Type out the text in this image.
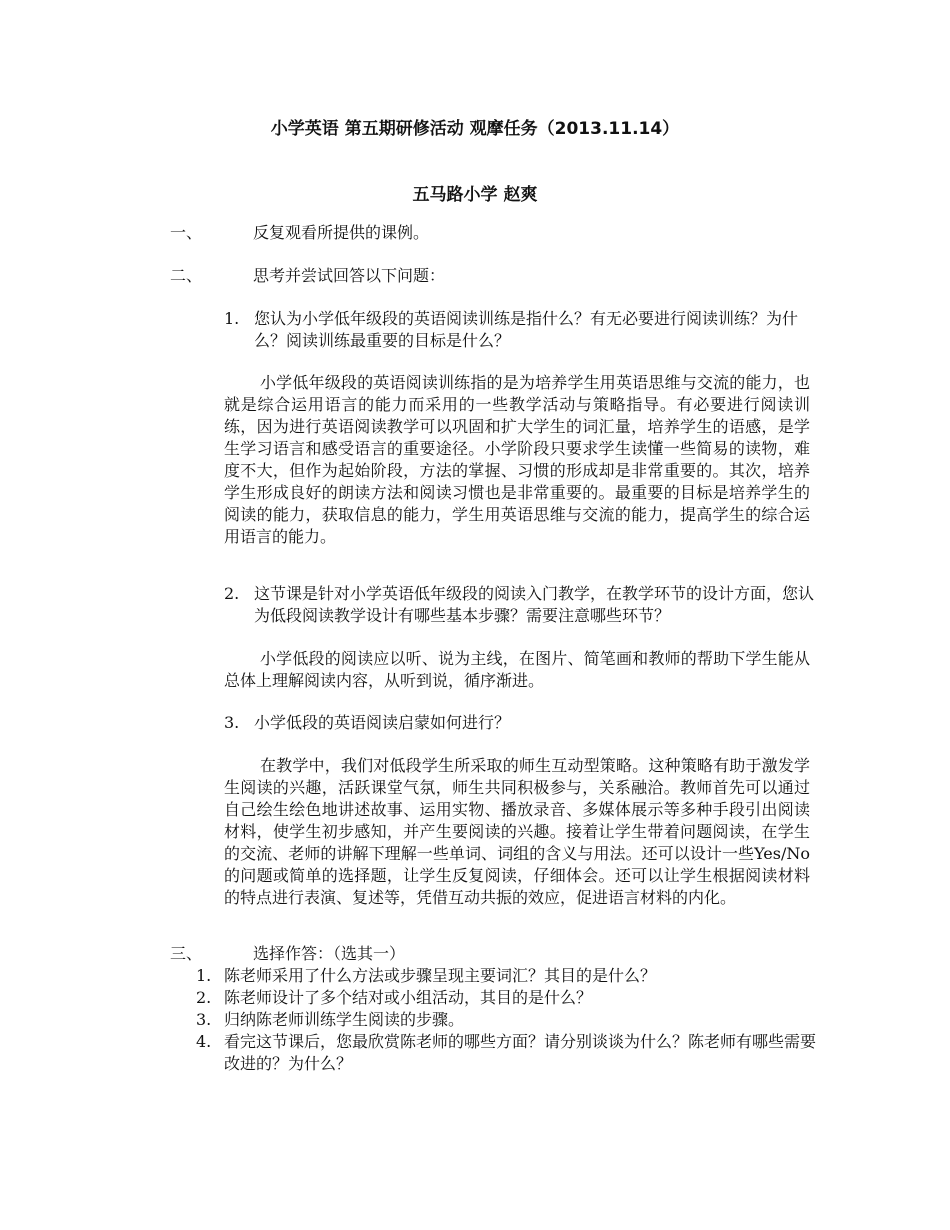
小学英语 第五期研修活动 观摩任务（2013.11.14）
五马路小学 赵爽
一、	反复观看所提供的课例。
二、	思考并尝试回答以下问题：
1. 您认为小学低年级段的英语阅读训练是指什么？有无必要进行阅读训练？为什么？阅读训练最重要的目标是什么？
小学低年级段的英语阅读训练指的是为培养学生用英语思维与交流的能力，也就是综合运用语言的能力而采用的一些教学活动与策略指导。有必要进行阅读训练，因为进行英语阅读教学可以巩固和扩大学生的词汇量，培养学生的语感，是学生学习语言和感受语言的重要途径。小学阶段只要求学生读懂一些简易的读物，难度不大，但作为起始阶段，方法的掌握、习惯的形成却是非常重要的。其次，培养学生形成良好的朗读方法和阅读习惯也是非常重要的。最重要的目标是培养学生的阅读的能力，获取信息的能力，学生用英语思维与交流的能力，提高学生的综合运用语言的能力。
2. 这节课是针对小学英语低年级段的阅读入门教学，在教学环节的设计方面，您认为低段阅读教学设计有哪些基本步骤？需要注意哪些环节？
小学低段的阅读应以听、说为主线，在图片、简笔画和教师的帮助下学生能从总体上理解阅读内容，从听到说，循序渐进。
3. 小学低段的英语阅读启蒙如何进行？
在教学中，我们对低段学生所采取的师生互动型策略。这种策略有助于激发学生阅读的兴趣，活跃课堂气氛，师生共同积极参与，关系融洽。教师首先可以通过自己绘生绘色地讲述故事、运用实物、播放录音、多媒体展示等多种手段引出阅读材料，使学生初步感知，并产生要阅读的兴趣。接着让学生带着问题阅读，在学生的交流、老师的讲解下理解一些单词、词组的含义与用法。还可以设计一些Yes/No 的问题或简单的选择题，让学生反复阅读，仔细体会。还可以让学生根据阅读材料的特点进行表演、复述等，凭借互动共振的效应，促进语言材料的内化。
三、	选择作答：（选其一）
1. 陈老师采用了什么方法或步骤呈现主要词汇？其目的是什么？
2. 陈老师设计了多个结对或小组活动，其目的是什么？
3. 归纳陈老师训练学生阅读的步骤。
4. 看完这节课后，您最欣赏陈老师的哪些方面？请分别谈谈为什么？陈老师有哪些需要改进的？为什么？
